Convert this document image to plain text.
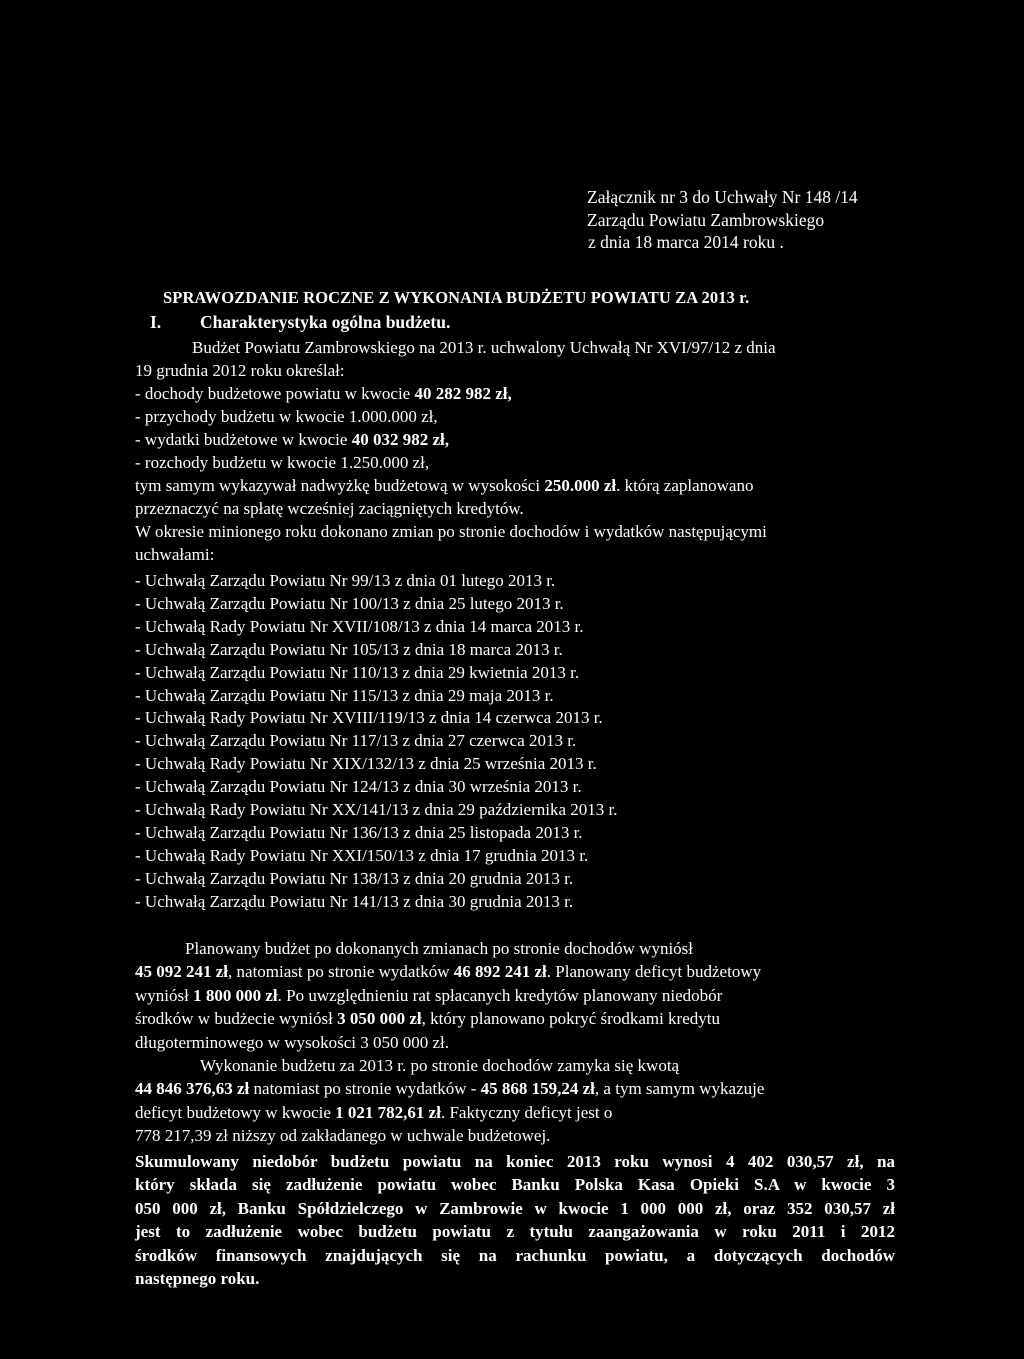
Załącznik nr 3 do Uchwały Nr 148 /14
Zarządu Powiatu Zambrowskiego
z dnia 18 marca 2014 roku .
SPRAWOZDANIE ROCZNE Z WYKONANIA BUDŻETU POWIATU ZA 2013 r.
I. Charakterystyka ogólna budżetu.
Budżet Powiatu Zambrowskiego na 2013 r. uchwalony Uchwałą Nr XVI/97/12 z dnia
19 grudnia 2012 roku określał:
- dochody budżetowe powiatu w kwocie 40 282 982 zł,
- przychody budżetu w kwocie 1.000.000 zł,
- wydatki budżetowe w kwocie 40 032 982 zł,
- rozchody budżetu w kwocie 1.250.000 zł,
tym samym wykazywał nadwyżkę budżetową w wysokości 250.000 zł. którą zaplanowano
przeznaczyć na spłatę wcześniej zaciągniętych kredytów.
W okresie minionego roku dokonano zmian po stronie dochodów i wydatków następującymi
uchwałami:
- Uchwałą Zarządu Powiatu Nr 99/13 z dnia 01 lutego 2013 r.
- Uchwałą Zarządu Powiatu Nr 100/13 z dnia 25 lutego 2013 r.
- Uchwałą Rady Powiatu Nr XVII/108/13 z dnia 14 marca 2013 r.
- Uchwałą Zarządu Powiatu Nr 105/13 z dnia 18 marca 2013 r.
- Uchwałą Zarządu Powiatu Nr 110/13 z dnia 29 kwietnia 2013 r.
- Uchwałą Zarządu Powiatu Nr 115/13 z dnia 29 maja 2013 r.
- Uchwałą Rady Powiatu Nr XVIII/119/13 z dnia 14 czerwca 2013 r.
- Uchwałą Zarządu Powiatu Nr 117/13 z dnia 27 czerwca 2013 r.
- Uchwałą Rady Powiatu Nr XIX/132/13 z dnia 25 września 2013 r.
- Uchwałą Zarządu Powiatu Nr 124/13 z dnia 30 września 2013 r.
- Uchwałą Rady Powiatu Nr XX/141/13 z dnia 29 października 2013 r.
- Uchwałą Zarządu Powiatu Nr 136/13 z dnia 25 listopada 2013 r.
- Uchwałą Rady Powiatu Nr XXI/150/13 z dnia 17 grudnia 2013 r.
- Uchwałą Zarządu Powiatu Nr 138/13 z dnia 20 grudnia 2013 r.
- Uchwałą Zarządu Powiatu Nr 141/13 z dnia 30 grudnia 2013 r.
Planowany budżet po dokonanych zmianach po stronie dochodów wyniósł
45 092 241 zł, natomiast po stronie wydatków 46 892 241 zł. Planowany deficyt budżetowy
wyniósł 1 800 000 zł. Po uwzględnieniu rat spłacanych kredytów planowany niedobór
środków w budżecie wyniósł 3 050 000 zł, który planowano pokryć środkami kredytu
długoterminowego w wysokości 3 050 000 zł.
Wykonanie budżetu za 2013 r. po stronie dochodów zamyka się kwotą
44 846 376,63 zł natomiast po stronie wydatków - 45 868 159,24 zł, a tym samym wykazuje
deficyt budżetowy w kwocie 1 021 782,61 zł. Faktyczny deficyt jest o
778 217,39 zł niższy od zakładanego w uchwale budżetowej.
Skumulowany niedobór budżetu powiatu na koniec 2013 roku wynosi 4 402 030,57 zł, na
który składa się zadłużenie powiatu wobec Banku Polska Kasa Opieki S.A w kwocie 3
050 000 zł, Banku Spółdzielczego w Zambrowie w kwocie 1 000 000 zł, oraz 352 030,57 zł
jest to zadłużenie wobec budżetu powiatu z tytułu zaangażowania w roku 2011 i 2012
środków finansowych znajdujących się na rachunku powiatu, a dotyczących dochodów
następnego roku.
